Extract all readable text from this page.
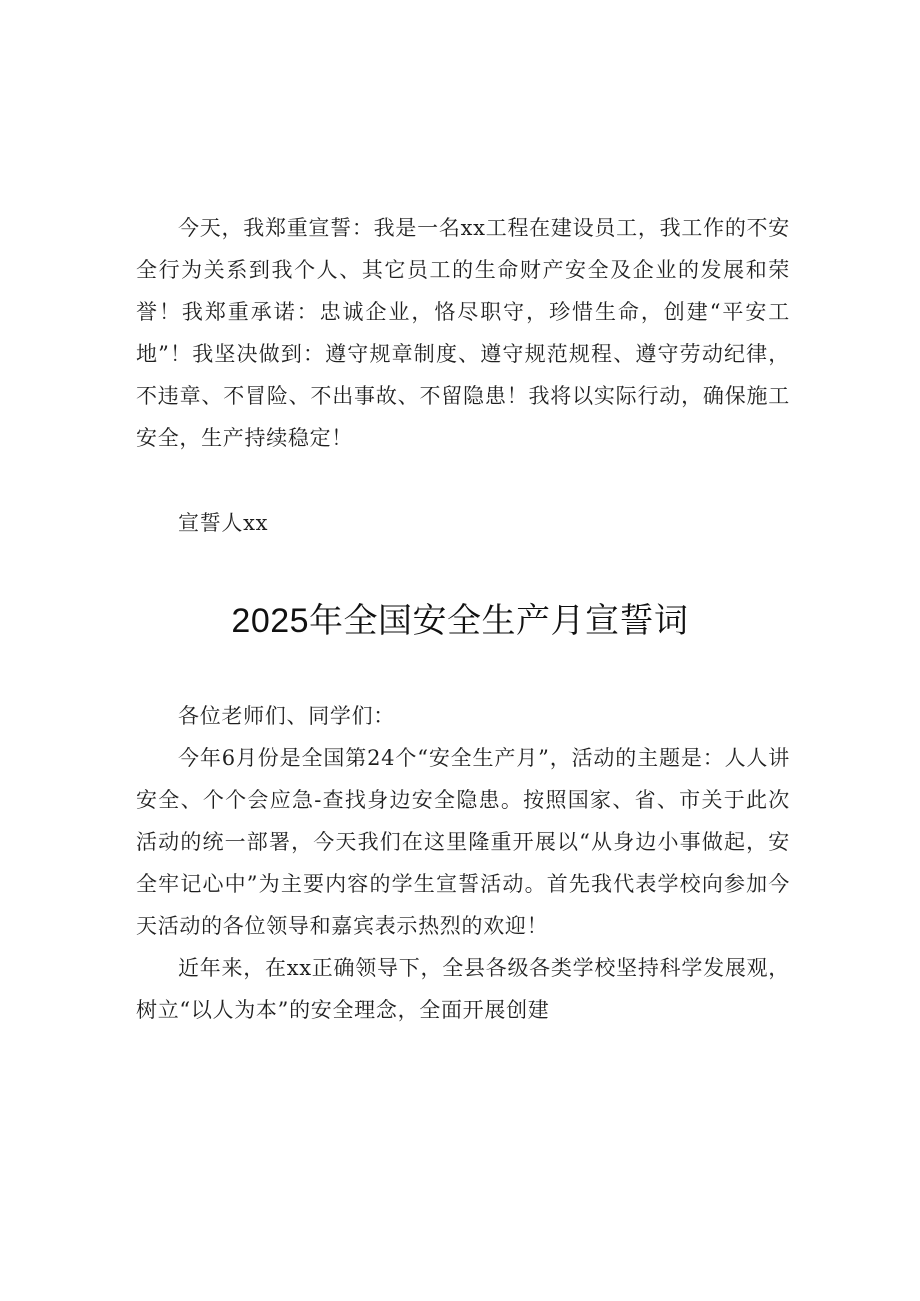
今天，我郑重宣誓：我是一名xx工程在建设员工，我工作的不安全行为关系到我个人、其它员工的生命财产安全及企业的发展和荣誉！我郑重承诺：忠诚企业，恪尽职守，珍惜生命，创建“平安工地”！我坚决做到：遵守规章制度、遵守规范规程、遵守劳动纪律，不违章、不冒险、不出事故、不留隐患！我将以实际行动，确保施工安全，生产持续稳定！

宣誓人xx
2025年全国安全生产月宣誓词

各位老师们、同学们：

今年6月份是全国第24个“安全生产月”，活动的主题是：人人讲安全、个个会应急-查找身边安全隐患。按照国家、省、市关于此次活动的统一部署，今天我们在这里隆重开展以“从身边小事做起，安全牢记心中”为主要内容的学生宣誓活动。首先我代表学校向参加今天活动的各位领导和嘉宾表示热烈的欢迎！

近年来，在xx正确领导下，全县各级各类学校坚持科学发展观，树立“以人为本”的安全理念，全面开展创建
